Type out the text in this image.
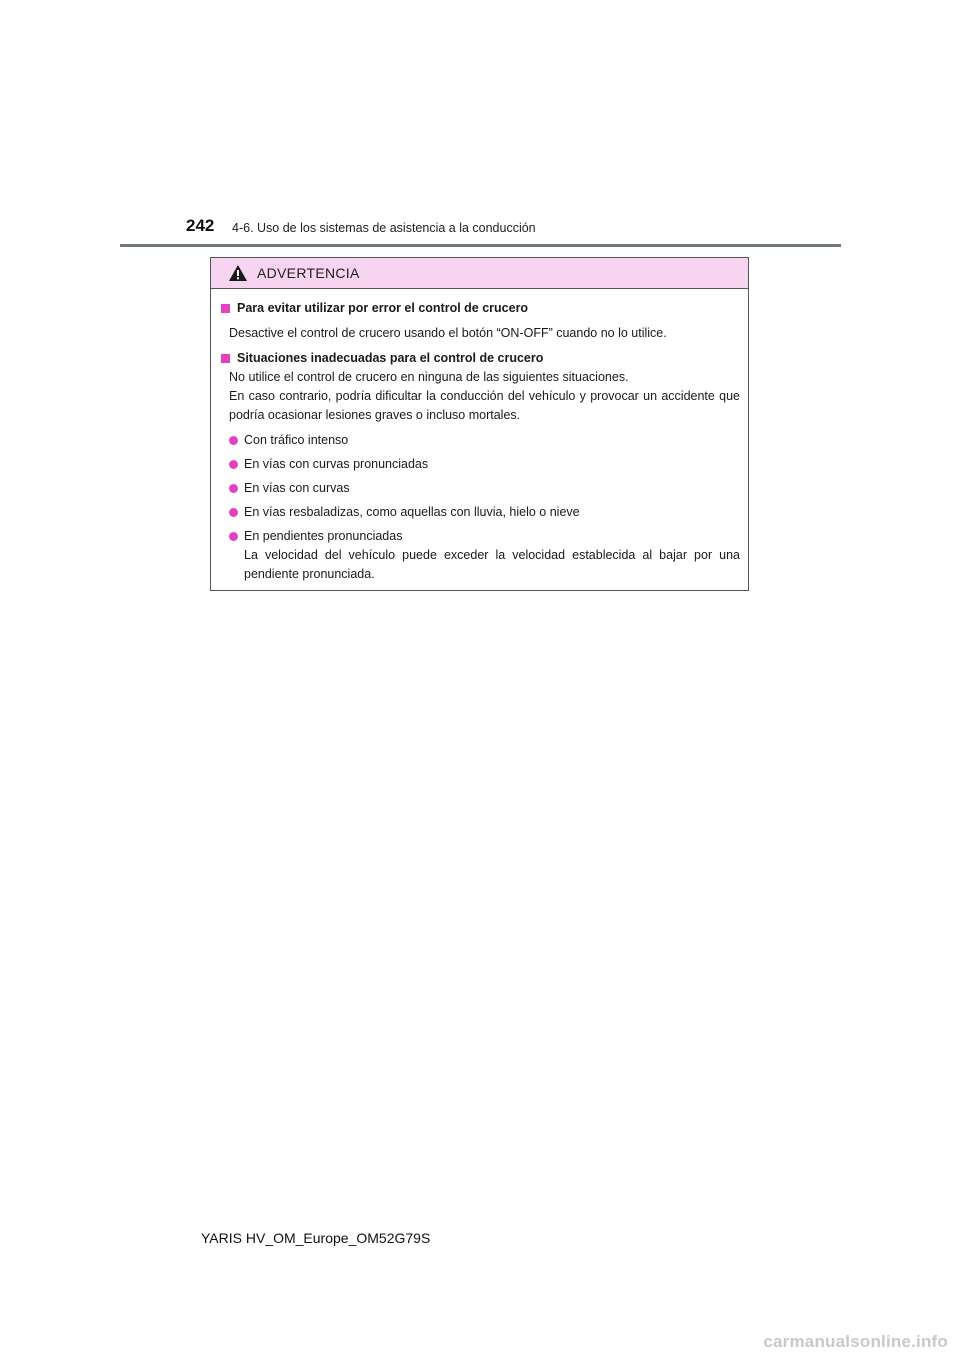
242 4-6. Uso de los sistemas de asistencia a la conducción
ADVERTENCIA
Para evitar utilizar por error el control de crucero

Desactive el control de crucero usando el botón “ON-OFF” cuando no lo utilice.

Situaciones inadecuadas para el control de crucero

No utilice el control de crucero en ninguna de las siguientes situaciones.

En caso contrario, podría dificultar la conducción del vehículo y provocar un accidente que podría ocasionar lesiones graves o incluso mortales.

Con tráfico intenso

En vías con curvas pronunciadas

En vías con curvas

En vías resbaladizas, como aquellas con lluvia, hielo o nieve

En pendientes pronunciadas

La velocidad del vehículo puede exceder la velocidad establecida al bajar por una pendiente pronunciada.

YARIS HV_OM_Europe_OM52G79S
carmanualsonline.info
